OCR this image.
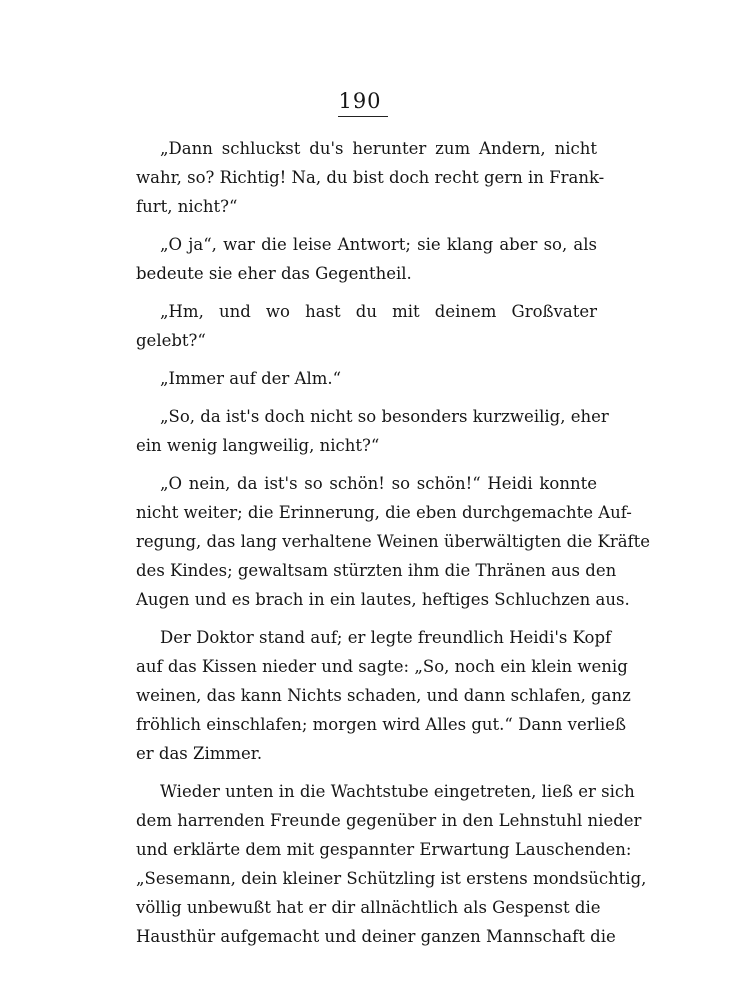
190
„Dann schluckst du's herunter zum Andern, nicht
wahr, so? Richtig! Na, du bist doch recht gern in Frank-
furt, nicht?“
„O ja“, war die leise Antwort; sie klang aber so, als
bedeute sie eher das Gegentheil.
„Hm, und wo hast du mit deinem Großvater
gelebt?“
„Immer auf der Alm.“
„So, da ist's doch nicht so besonders kurzweilig, eher
ein wenig langweilig, nicht?“
„O nein, da ist's so schön! so schön!“ Heidi konnte
nicht weiter; die Erinnerung, die eben durchgemachte Auf-
regung, das lang verhaltene Weinen überwältigten die Kräfte
des Kindes; gewaltsam stürzten ihm die Thränen aus den
Augen und es brach in ein lautes, heftiges Schluchzen aus.
Der Doktor stand auf; er legte freundlich Heidi's Kopf
auf das Kissen nieder und sagte: „So, noch ein klein wenig
weinen, das kann Nichts schaden, und dann schlafen, ganz
fröhlich einschlafen; morgen wird Alles gut.“ Dann verließ
er das Zimmer.
Wieder unten in die Wachtstube eingetreten, ließ er sich
dem harrenden Freunde gegenüber in den Lehnstuhl nieder
und erklärte dem mit gespannter Erwartung Lauschenden:
„Sesemann, dein kleiner Schützling ist erstens mondsüchtig,
völlig unbewußt hat er dir allnächtlich als Gespenst die
Hausthür aufgemacht und deiner ganzen Mannschaft die
